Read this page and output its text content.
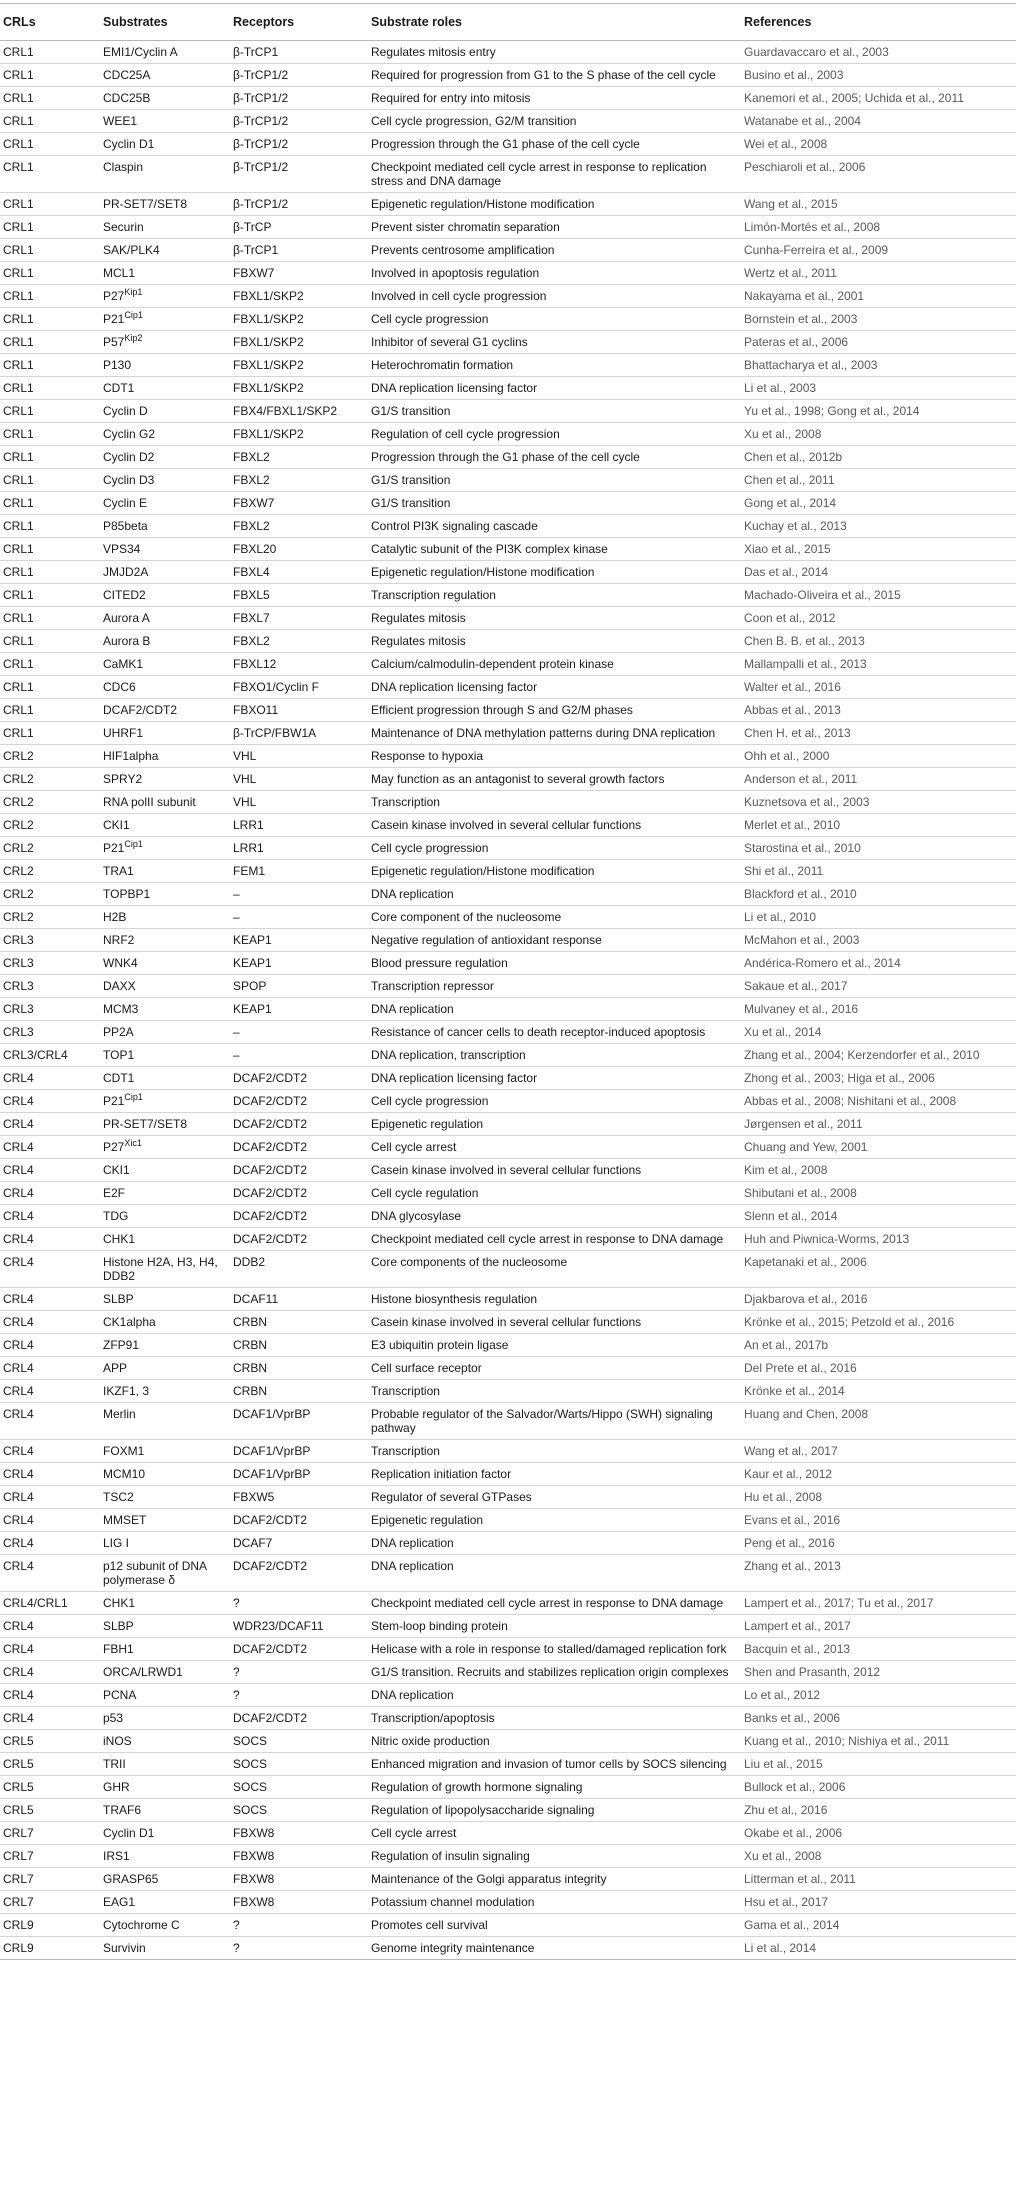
CRLs	Substrates	Receptors	Substrate roles	References
CRL1	EMI1/Cyclin A	β-TrCP1	Regulates mitosis entry	Guardavaccaro et al., 2003
CRL1	CDC25A	β-TrCP1/2	Required for progression from G1 to the S phase of the cell cycle	Busino et al., 2003
CRL1	CDC25B	β-TrCP1/2	Required for entry into mitosis	Kanemori et al., 2005; Uchida et al., 2011
CRL1	WEE1	β-TrCP1/2	Cell cycle progression, G2/M transition	Watanabe et al., 2004
CRL1	Cyclin D1	β-TrCP1/2	Progression through the G1 phase of the cell cycle	Wei et al., 2008
CRL1	Claspin	β-TrCP1/2	Checkpoint mediated cell cycle arrest in response to replication stress and DNA damage	Peschiaroli et al., 2006
CRL1	PR-SET7/SET8	β-TrCP1/2	Epigenetic regulation/Histone modification	Wang et al., 2015
CRL1	Securin	β-TrCP	Prevent sister chromatin separation	Limón-Mortés et al., 2008
CRL1	SAK/PLK4	β-TrCP1	Prevents centrosome amplification	Cunha-Ferreira et al., 2009
CRL1	MCL1	FBXW7	Involved in apoptosis regulation	Wertz et al., 2011
CRL1	$P27^{Kip1}$	FBXL1/SKP2	Involved in cell cycle progression	Nakayama et al., 2001
CRL1	$P21^{Cip1}$	FBXL1/SKP2	Cell cycle progression	Bornstein et al., 2003
CRL1	$P57^{Kip2}$	FBXL1/SKP2	Inhibitor of several G1 cyclins	Pateras et al., 2006
CRL1	P130	FBXL1/SKP2	Heterochromatin formation	Bhattacharya et al., 2003
CRL1	CDT1	FBXL1/SKP2	DNA replication licensing factor	Li et al., 2003
CRL1	Cyclin D	FBX4/FBXL1/SKP2	G1/S transition	Yu et al., 1998; Gong et al., 2014
CRL1	Cyclin G2	FBXL1/SKP2	Regulation of cell cycle progression	Xu et al., 2008
CRL1	Cyclin D2	FBXL2	Progression through the G1 phase of the cell cycle	Chen et al., 2012b
CRL1	Cyclin D3	FBXL2	G1/S transition	Chen et al., 2011
CRL1	Cyclin E	FBXW7	G1/S transition	Gong et al., 2014
CRL1	P85beta	FBXL2	Control PI3K signaling cascade	Kuchay et al., 2013
CRL1	VPS34	FBXL20	Catalytic subunit of the PI3K complex kinase	Xiao et al., 2015
CRL1	JMJD2A	FBXL4	Epigenetic regulation/Histone modification	Das et al., 2014
CRL1	CITED2	FBXL5	Transcription regulation	Machado-Oliveira et al., 2015
CRL1	Aurora A	FBXL7	Regulates mitosis	Coon et al., 2012
CRL1	Aurora B	FBXL2	Regulates mitosis	Chen B. B. et al., 2013
CRL1	CaMK1	FBXL12	Calcium/calmodulin-dependent protein kinase	Mallampalli et al., 2013
CRL1	CDC6	FBXO1/Cyclin F	DNA replication licensing factor	Walter et al., 2016
CRL1	DCAF2/CDT2	FBXO11	Efficient progression through S and G2/M phases	Abbas et al., 2013
CRL1	UHRF1	β-TrCP/FBW1A	Maintenance of DNA methylation patterns during DNA replication	Chen H. et al., 2013
CRL2	HIF1alpha	VHL	Response to hypoxia	Ohh et al., 2000
CRL2	SPRY2	VHL	May function as an antagonist to several growth factors	Anderson et al., 2011
CRL2	RNA polII subunit	VHL	Transcription	Kuznetsova et al., 2003
CRL2	CKI1	LRR1	Casein kinase involved in several cellular functions	Merlet et al., 2010
CRL2	$P21^{Cip1}$	LRR1	Cell cycle progression	Starostina et al., 2010
CRL2	TRA1	FEM1	Epigenetic regulation/Histone modification	Shi et al., 2011
CRL2	TOPBP1	–	DNA replication	Blackford et al., 2010
CRL2	H2B	–	Core component of the nucleosome	Li et al., 2010
CRL3	NRF2	KEAP1	Negative regulation of antioxidant response	McMahon et al., 2003
CRL3	WNK4	KEAP1	Blood pressure regulation	Andérica-Romero et al., 2014
CRL3	DAXX	SPOP	Transcription repressor	Sakaue et al., 2017
CRL3	MCM3	KEAP1	DNA replication	Mulvaney et al., 2016
CRL3	PP2A	–	Resistance of cancer cells to death receptor-induced apoptosis	Xu et al., 2014
CRL3/CRL4	TOP1	–	DNA replication, transcription	Zhang et al., 2004; Kerzendorfer et al., 2010
CRL4	CDT1	DCAF2/CDT2	DNA replication licensing factor	Zhong et al., 2003; Higa et al., 2006
CRL4	$P21^{Cip1}$	DCAF2/CDT2	Cell cycle progression	Abbas et al., 2008; Nishitani et al., 2008
CRL4	PR-SET7/SET8	DCAF2/CDT2	Epigenetic regulation	Jørgensen et al., 2011
CRL4	$P27^{Xic1}$	DCAF2/CDT2	Cell cycle arrest	Chuang and Yew, 2001
CRL4	CKI1	DCAF2/CDT2	Casein kinase involved in several cellular functions	Kim et al., 2008
CRL4	E2F	DCAF2/CDT2	Cell cycle regulation	Shibutani et al., 2008
CRL4	TDG	DCAF2/CDT2	DNA glycosylase	Slenn et al., 2014
CRL4	CHK1	DCAF2/CDT2	Checkpoint mediated cell cycle arrest in response to DNA damage	Huh and Piwnica-Worms, 2013
CRL4	Histone H2A, H3, H4, DDB2	DDB2	Core components of the nucleosome	Kapetanaki et al., 2006
CRL4	SLBP	DCAF11	Histone biosynthesis regulation	Djakbarova et al., 2016
CRL4	CK1alpha	CRBN	Casein kinase involved in several cellular functions	Krönke et al., 2015; Petzold et al., 2016
CRL4	ZFP91	CRBN	E3 ubiquitin protein ligase	An et al., 2017b
CRL4	APP	CRBN	Cell surface receptor	Del Prete et al., 2016
CRL4	IKZF1, 3	CRBN	Transcription	Krönke et al., 2014
CRL4	Merlin	DCAF1/VprBP	Probable regulator of the Salvador/Warts/Hippo (SWH) signaling pathway	Huang and Chen, 2008
CRL4	FOXM1	DCAF1/VprBP	Transcription	Wang et al., 2017
CRL4	MCM10	DCAF1/VprBP	Replication initiation factor	Kaur et al., 2012
CRL4	TSC2	FBXW5	Regulator of several GTPases	Hu et al., 2008
CRL4	MMSET	DCAF2/CDT2	Epigenetic regulation	Evans et al., 2016
CRL4	LIG I	DCAF7	DNA replication	Peng et al., 2016
CRL4	p12 subunit of DNA polymerase δ	DCAF2/CDT2	DNA replication	Zhang et al., 2013
CRL4/CRL1	CHK1	?	Checkpoint mediated cell cycle arrest in response to DNA damage	Lampert et al., 2017; Tu et al., 2017
CRL4	SLBP	WDR23/DCAF11	Stem-loop binding protein	Lampert et al., 2017
CRL4	FBH1	DCAF2/CDT2	Helicase with a role in response to stalled/damaged replication fork	Bacquin et al., 2013
CRL4	ORCA/LRWD1	?	G1/S transition. Recruits and stabilizes replication origin complexes	Shen and Prasanth, 2012
CRL4	PCNA	?	DNA replication	Lo et al., 2012
CRL4	p53	DCAF2/CDT2	Transcription/apoptosis	Banks et al., 2006
CRL5	iNOS	SOCS	Nitric oxide production	Kuang et al., 2010; Nishiya et al., 2011
CRL5	TRII	SOCS	Enhanced migration and invasion of tumor cells by SOCS silencing	Liu et al., 2015
CRL5	GHR	SOCS	Regulation of growth hormone signaling	Bullock et al., 2006
CRL5	TRAF6	SOCS	Regulation of lipopolysaccharide signaling	Zhu et al., 2016
CRL7	Cyclin D1	FBXW8	Cell cycle arrest	Okabe et al., 2006
CRL7	IRS1	FBXW8	Regulation of insulin signaling	Xu et al., 2008
CRL7	GRASP65	FBXW8	Maintenance of the Golgi apparatus integrity	Litterman et al., 2011
CRL7	EAG1	FBXW8	Potassium channel modulation	Hsu et al., 2017
CRL9	Cytochrome C	?	Promotes cell survival	Gama et al., 2014
CRL9	Survivin	?	Genome integrity maintenance	Li et al., 2014
